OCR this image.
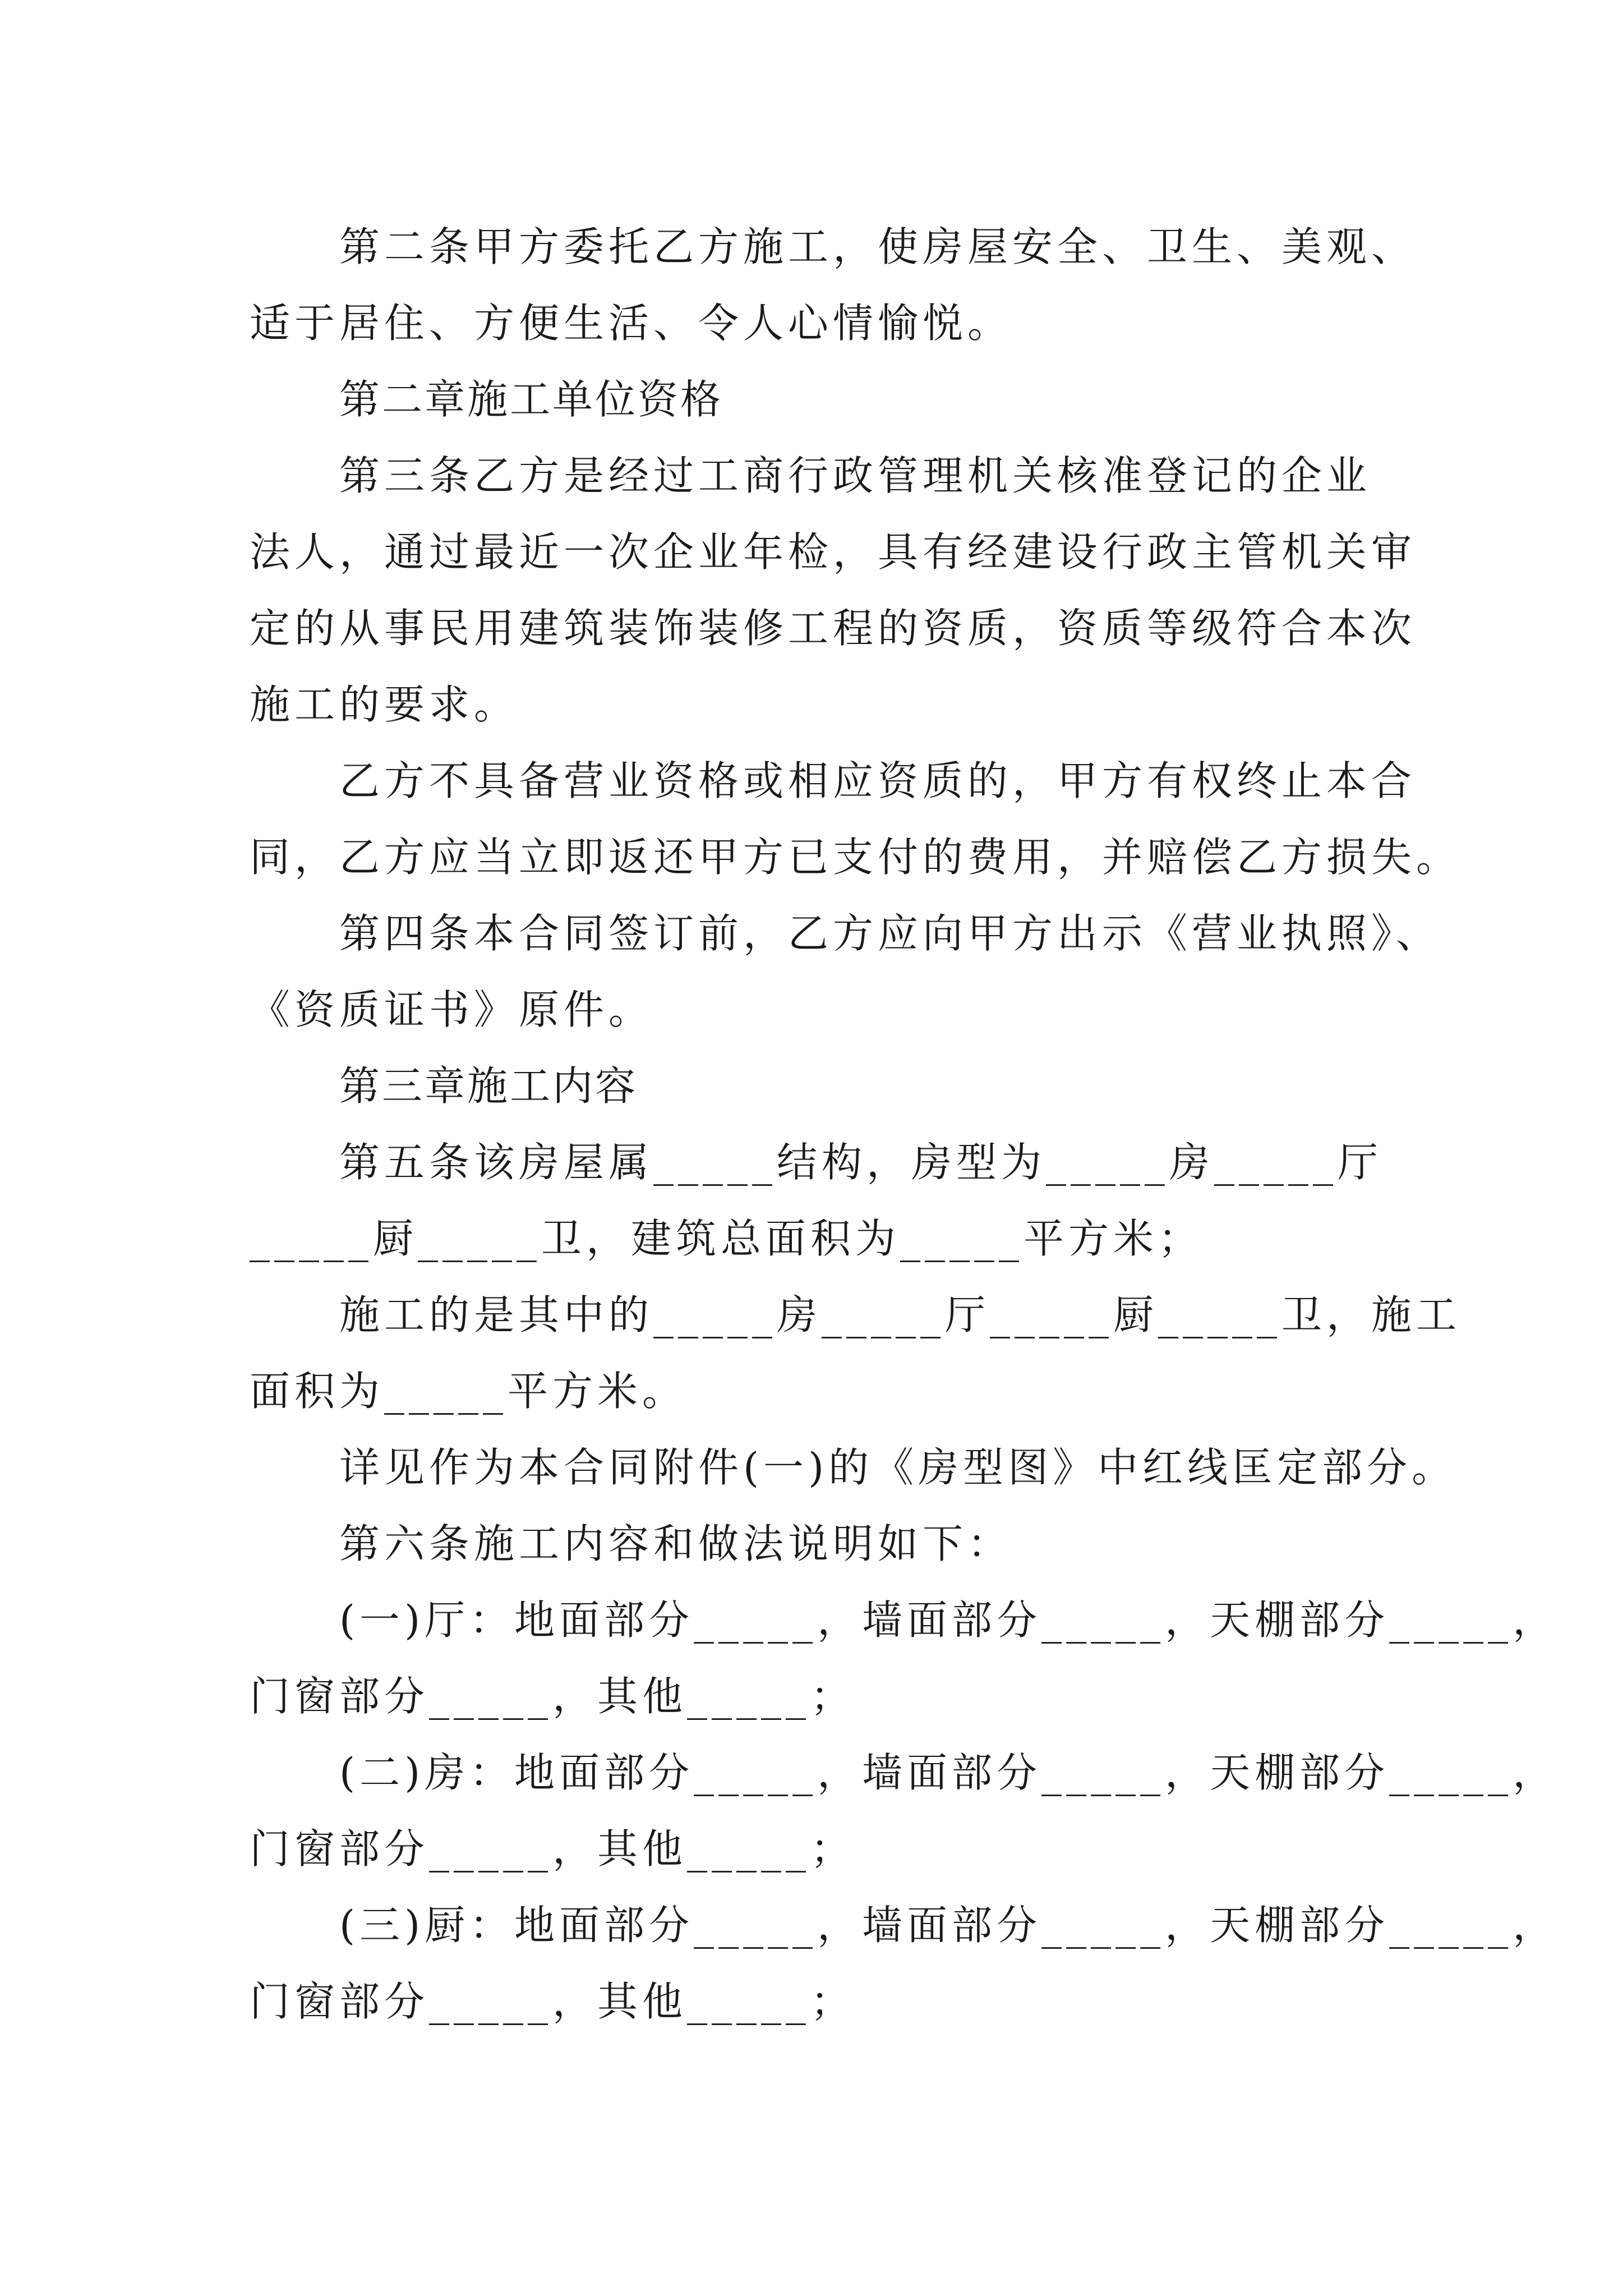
第二条甲方委托乙方施工，使房屋安全、卫生、美观、
适于居住、方便生活、令人心情愉悦。
第二章施工单位资格
第三条乙方是经过工商行政管理机关核准登记的企业
法人，通过最近一次企业年检，具有经建设行政主管机关审
定的从事民用建筑装饰装修工程的资质，资质等级符合本次
施工的要求。
乙方不具备营业资格或相应资质的，甲方有权终止本合
同，乙方应当立即返还甲方已支付的费用，并赔偿乙方损失。
第四条本合同签订前，乙方应向甲方出示《营业执照》、
《资质证书》原件。
第三章施工内容
第五条该房屋属_____结构，房型为_____房_____厅
_____厨_____卫，建筑总面积为_____平方米；
施工的是其中的_____房_____厅_____厨_____卫，施工
面积为_____平方米。
详见作为本合同附件(一)的《房型图》中红线匡定部分。
第六条施工内容和做法说明如下：
(一)厅：地面部分_____，墙面部分_____，天棚部分_____，
门窗部分_____，其他_____；
(二)房：地面部分_____，墙面部分_____，天棚部分_____，
门窗部分_____，其他_____；
(三)厨：地面部分_____，墙面部分_____，天棚部分_____，
门窗部分_____，其他_____；
